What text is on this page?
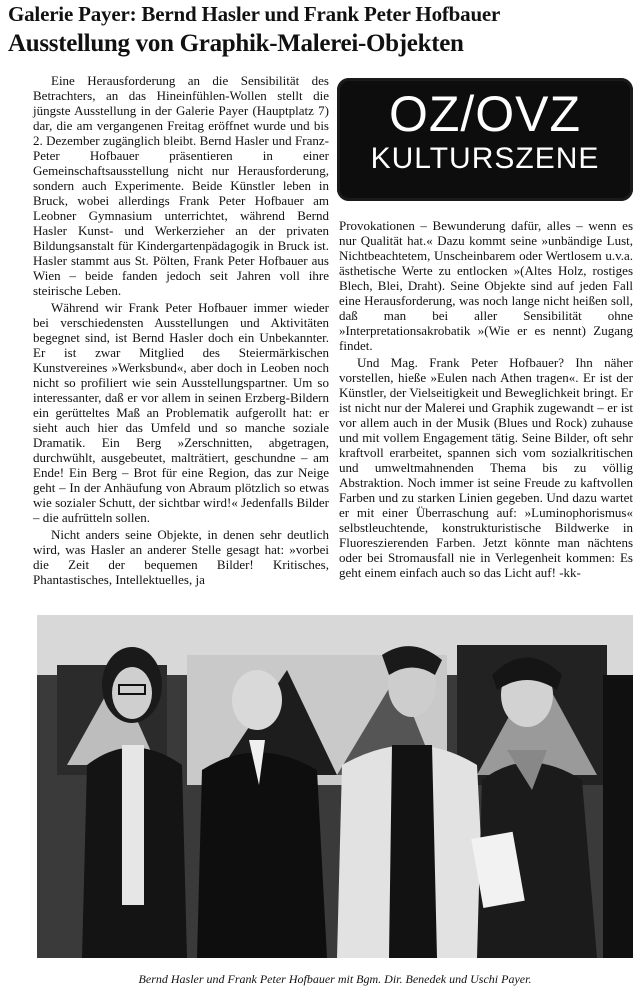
Galerie Payer: Bernd Hasler und Frank Peter Hofbauer
Ausstellung von Graphik-Malerei-Objekten

Eine Herausforderung an die Sensibilität des Betrachters, an das Hineinfühlen-Wollen stellt die jüngste Ausstellung in der Galerie Payer (Hauptplatz 7) dar, die am vergangenen Freitag eröffnet wurde und bis 2. Dezember zugänglich bleibt. Bernd Hasler und Franz-Peter Hofbauer präsentieren in einer Gemeinschaftsausstellung nicht nur Herausforderung, sondern auch Experimente. Beide Künstler leben in Bruck, wobei allerdings Frank Peter Hofbauer am Leobner Gymnasium unterrichtet, während Bernd Hasler Kunst- und Werkerzieher an der privaten Bildungsanstalt für Kindergartenpädagogik in Bruck ist. Hasler stammt aus St. Pölten, Frank Peter Hofbauer aus Wien – beide fanden jedoch seit Jahren voll ihre steirische Leben.

Während wir Frank Peter Hofbauer immer wieder bei verschiedensten Ausstellungen und Aktivitäten begegnet sind, ist Bernd Hasler doch ein Unbekannter. Er ist zwar Mitglied des Steiermärkischen Kunstvereines »Werksbund«, aber doch in Leoben noch nicht so profiliert wie sein Ausstellungspartner. Um so interessanter, daß er vor allem in seinen Erzberg-Bildern ein gerütteltes Maß an Problematik aufgerollt hat: er sieht auch hier das Umfeld und so manche soziale Dramatik. Ein Berg »Zerschnitten, abgetragen, durchwühlt, ausgebeutet, malträtiert, geschundne – am Ende! Ein Berg – Brot für eine Region, das zur Neige geht – In der Anhäufung von Abraum plötzlich so etwas wie sozialer Schutt, der sichtbar wird!« Jedenfalls Bilder – die aufrütteln sollen.

Nicht anders seine Objekte, in denen sehr deutlich wird, was Hasler an anderer Stelle gesagt hat: »vorbei die Zeit der bequemen Bilder! Kritisches, Phantastisches, Intellektuelles, ja

OZ/OVZ
KULTURSZENE

Provokationen – Bewunderung dafür, alles – wenn es nur Qualität hat.« Dazu kommt seine »unbändige Lust, Nichtbeachtetem, Unscheinbarem oder Wertlosem u.v.a. ästhetische Werte zu entlocken »(Altes Holz, rostiges Blech, Blei, Draht). Seine Objekte sind auf jeden Fall eine Herausforderung, was noch lange nicht heißen soll, daß man bei aller Sensibilität ohne »Interpretationsakrobatik »(Wie er es nennt) Zugang findet.

Und Mag. Frank Peter Hofbauer? Ihn näher vorstellen, hieße »Eulen nach Athen tragen«. Er ist der Künstler, der Vielseitigkeit und Beweglichkeit bringt. Er ist nicht nur der Malerei und Graphik zugewandt – er ist vor allem auch in der Musik (Blues und Rock) zuhause und mit vollem Engagement tätig. Seine Bilder, oft sehr kraftvoll erarbeitet, spannen sich vom sozialkritischen und umweltmahnenden Thema bis zu völlig Abstraktion. Noch immer ist seine Freude zu kaftvollen Farben und zu starken Linien gegeben. Und dazu wartet er mit einer Überraschung auf: »Luminophorismus« selbstleuchtende, konstrukturistische Bildwerke in Fluoreszierenden Farben. Jetzt könnte man nächtens oder bei Stromausfall nie in Verlegenheit kommen: Es geht einem einfach auch so das Licht auf! -kk-

Bernd Hasler und Frank Peter Hofbauer mit Bgm. Dir. Benedek und Uschi Payer.
